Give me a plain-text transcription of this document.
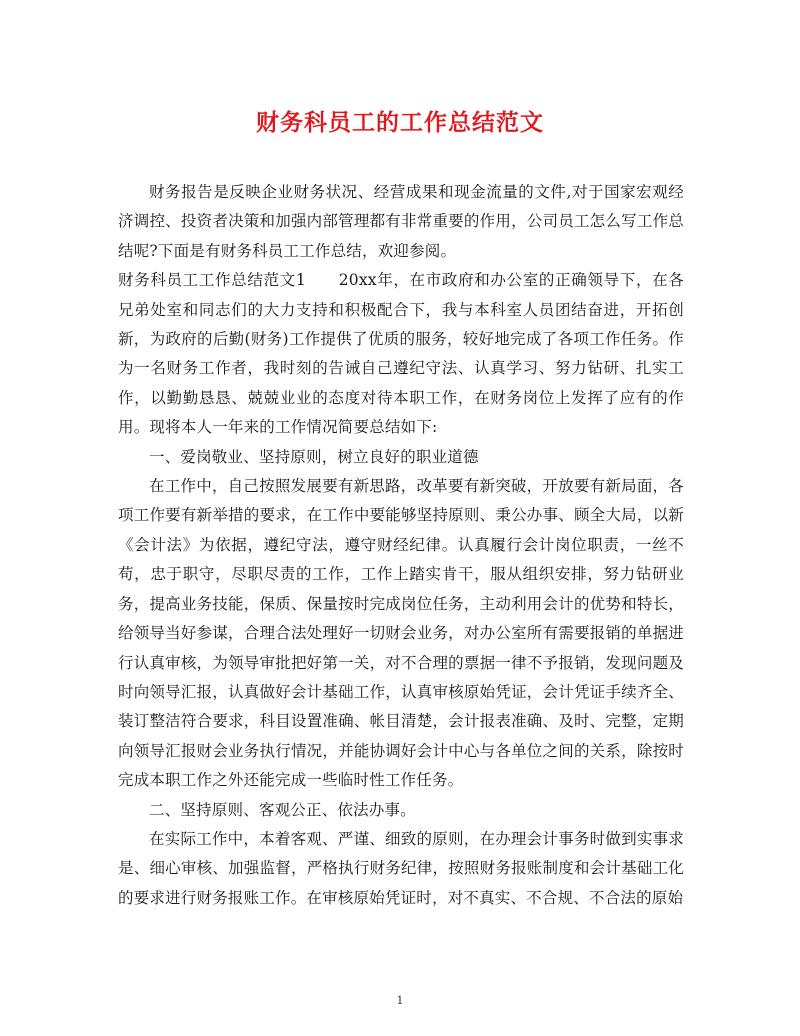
财务科员工的工作总结范文

财务报告是反映企业财务状况、经营成果和现金流量的文件,对于国家宏观经济调控、投资者决策和加强内部管理都有非常重要的作用，公司员工怎么写工作总结呢?下面是有财务科员工工作总结，欢迎参阅。

财务科员工工作总结范文1　　20xx年，在市政府和办公室的正确领导下，在各兄弟处室和同志们的大力支持和积极配合下，我与本科室人员团结奋进，开拓创新，为政府的后勤(财务)工作提供了优质的服务，较好地完成了各项工作任务。作为一名财务工作者，我时刻的告诫自己遵纪守法、认真学习、努力钻研、扎实工作，以勤勤恳恳、兢兢业业的态度对待本职工作，在财务岗位上发挥了应有的作用。现将本人一年来的工作情况简要总结如下:

一、爱岗敬业、坚持原则，树立良好的职业道德

在工作中，自己按照发展要有新思路，改革要有新突破，开放要有新局面，各项工作要有新举措的要求，在工作中要能够坚持原则、秉公办事、顾全大局，以新《会计法》为依据，遵纪守法，遵守财经纪律。认真履行会计岗位职责，一丝不苟，忠于职守，尽职尽责的工作，工作上踏实肯干，服从组织安排，努力钻研业务，提高业务技能，保质、保量按时完成岗位任务，主动利用会计的优势和特长，给领导当好参谋，合理合法处理好一切财会业务，对办公室所有需要报销的单据进行认真审核，为领导审批把好第一关，对不合理的票据一律不予报销，发现问题及时向领导汇报，认真做好会计基础工作，认真审核原始凭证，会计凭证手续齐全、装订整洁符合要求，科目设置准确、帐目清楚，会计报表准确、及时、完整，定期向领导汇报财会业务执行情况，并能协调好会计中心与各单位之间的关系，除按时完成本职工作之外还能完成一些临时性工作任务。

二、坚持原则、客观公正、依法办事。

在实际工作中，本着客观、严谨、细致的原则，在办理会计事务时做到实事求是、细心审核、加强监督，严格执行财务纪律，按照财务报账制度和会计基础工化的要求进行财务报账工作。在审核原始凭证时，对不真实、不合规、不合法的原始

1
